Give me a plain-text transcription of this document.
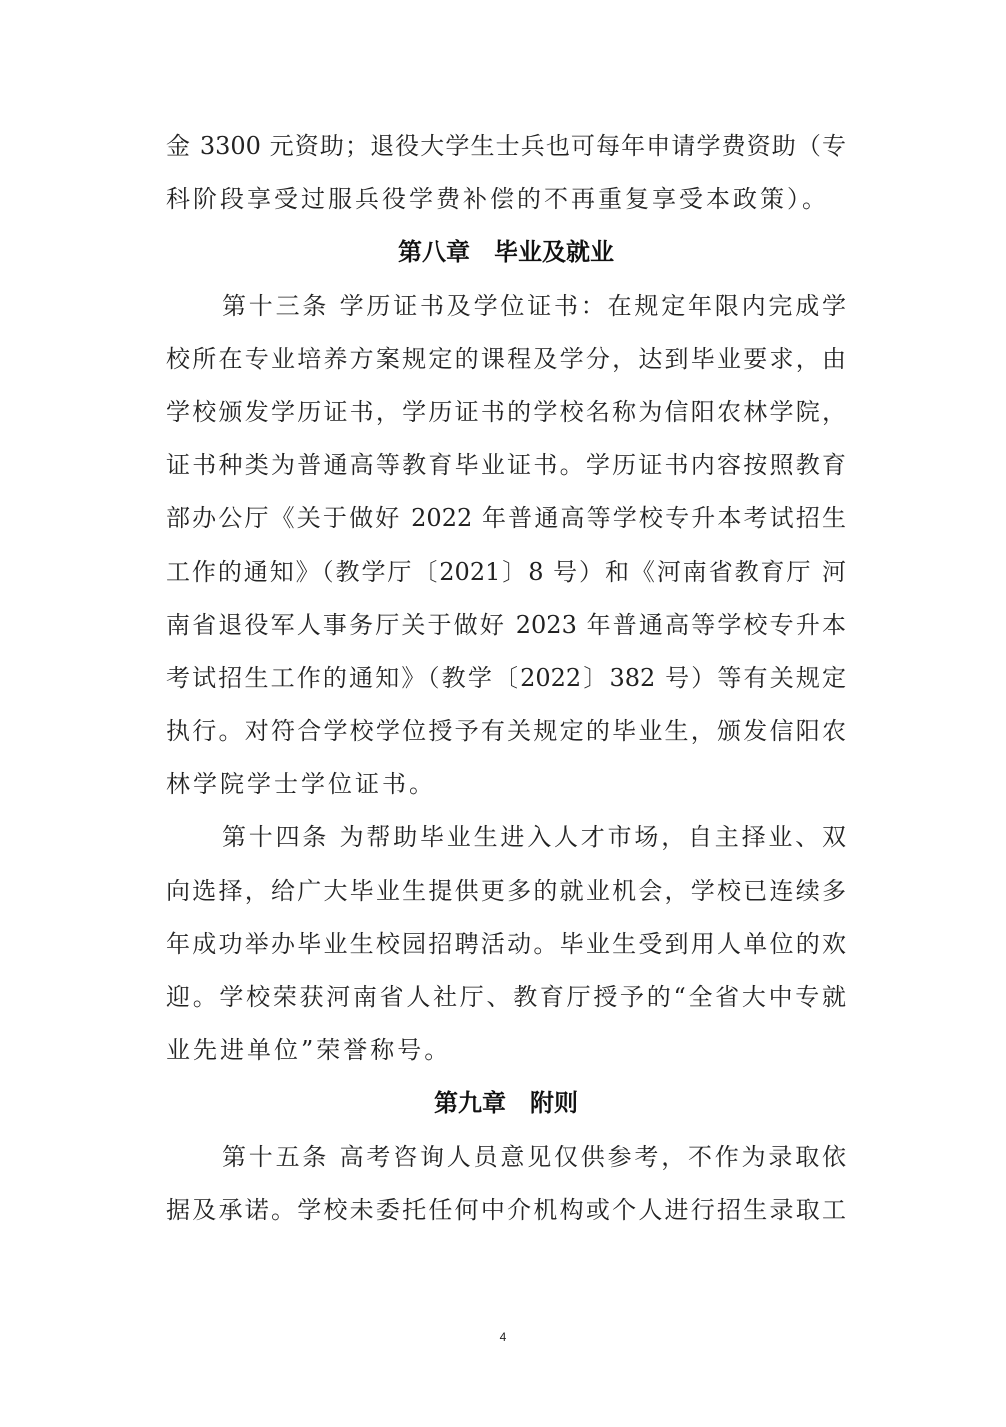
金 3300 元资助；退役大学生士兵也可每年申请学费资助（专
科阶段享受过服兵役学费补偿的不再重复享受本政策）。
第八章　毕业及就业
第十三条 学历证书及学位证书：在规定年限内完成学
校所在专业培养方案规定的课程及学分，达到毕业要求，由
学校颁发学历证书，学历证书的学校名称为信阳农林学院，
证书种类为普通高等教育毕业证书。学历证书内容按照教育
部办公厅《关于做好 2022 年普通高等学校专升本考试招生
工作的通知》（教学厅〔2021〕8 号）和《河南省教育厅 河
南省退役军人事务厅关于做好 2023 年普通高等学校专升本
考试招生工作的通知》（教学〔2022〕382 号）等有关规定
执行。对符合学校学位授予有关规定的毕业生，颁发信阳农
林学院学士学位证书。
第十四条 为帮助毕业生进入人才市场，自主择业、双
向选择，给广大毕业生提供更多的就业机会，学校已连续多
年成功举办毕业生校园招聘活动。毕业生受到用人单位的欢
迎。学校荣获河南省人社厅、教育厅授予的“全省大中专就
业先进单位”荣誉称号。
第九章　附则
第十五条 高考咨询人员意见仅供参考，不作为录取依
据及承诺。学校未委托任何中介机构或个人进行招生录取工
4
